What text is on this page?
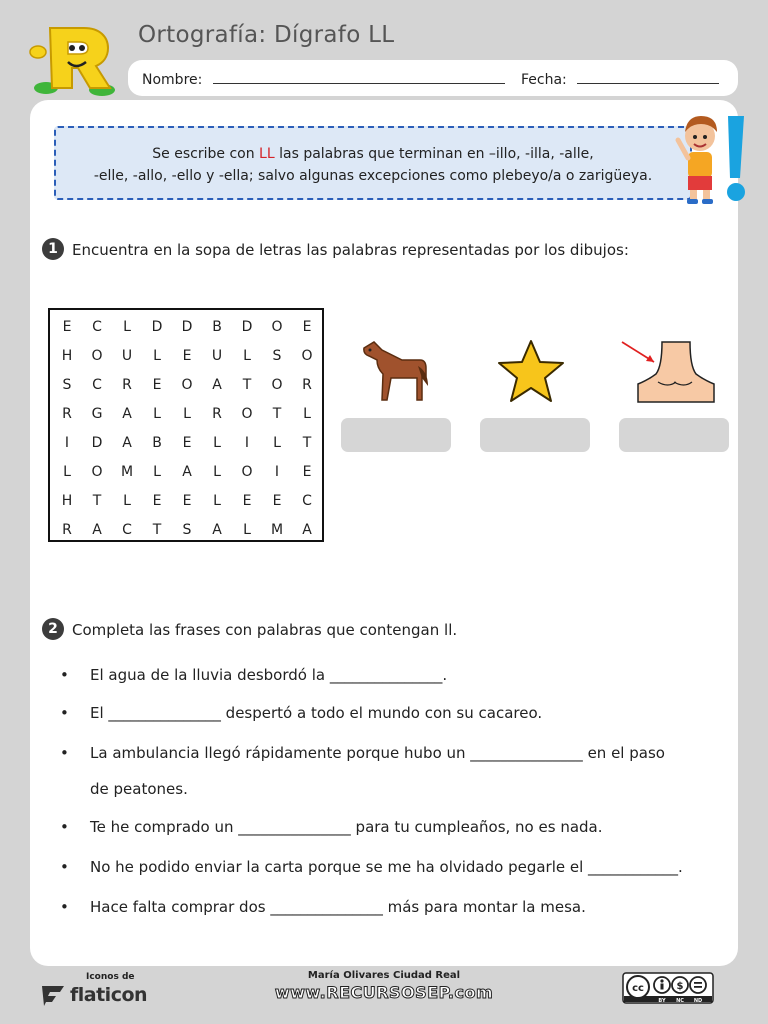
Ortografía: Dígrafo LL
Nombre:	Fecha:
Se escribe con LL las palabras que terminan en –illo, -illa, -alle,
-elle, -allo, -ello y -ella; salvo algunas excepciones como plebeyo/a o zarigüeya.
1 Encuentra en la sopa de letras las palabras representadas por los dibujos:
E	C	L	D	D	B	D	O	E
H	O	U	L	E	U	L	S	O
S	C	R	E	O	A	T	O	R
R	G	A	L	L	R	O	T	L
I	D	A	B	E	L	I	L	T
L	O	M	L	A	L	O	I	E
H	T	L	E	E	L	E	E	C
R	A	C	T	S	A	L	M	A
2 Completa las frases con palabras que contengan ll.
• El agua de la lluvia desbordó la _______________.
• El _______________ despertó a todo el mundo con su cacareo.
• La ambulancia llegó rápidamente porque hubo un _______________ en el paso
de peatones.
• Te he comprado un _______________ para tu cumpleaños, no es nada.
• No he podido enviar la carta porque se me ha olvidado pegarle el ____________.
• Hace falta comprar dos _______________ más para montar la mesa.
Iconos de
flaticon
María Olivares Ciudad Real
www.RECURSOSEP.com	cc	$
BY NC ND
